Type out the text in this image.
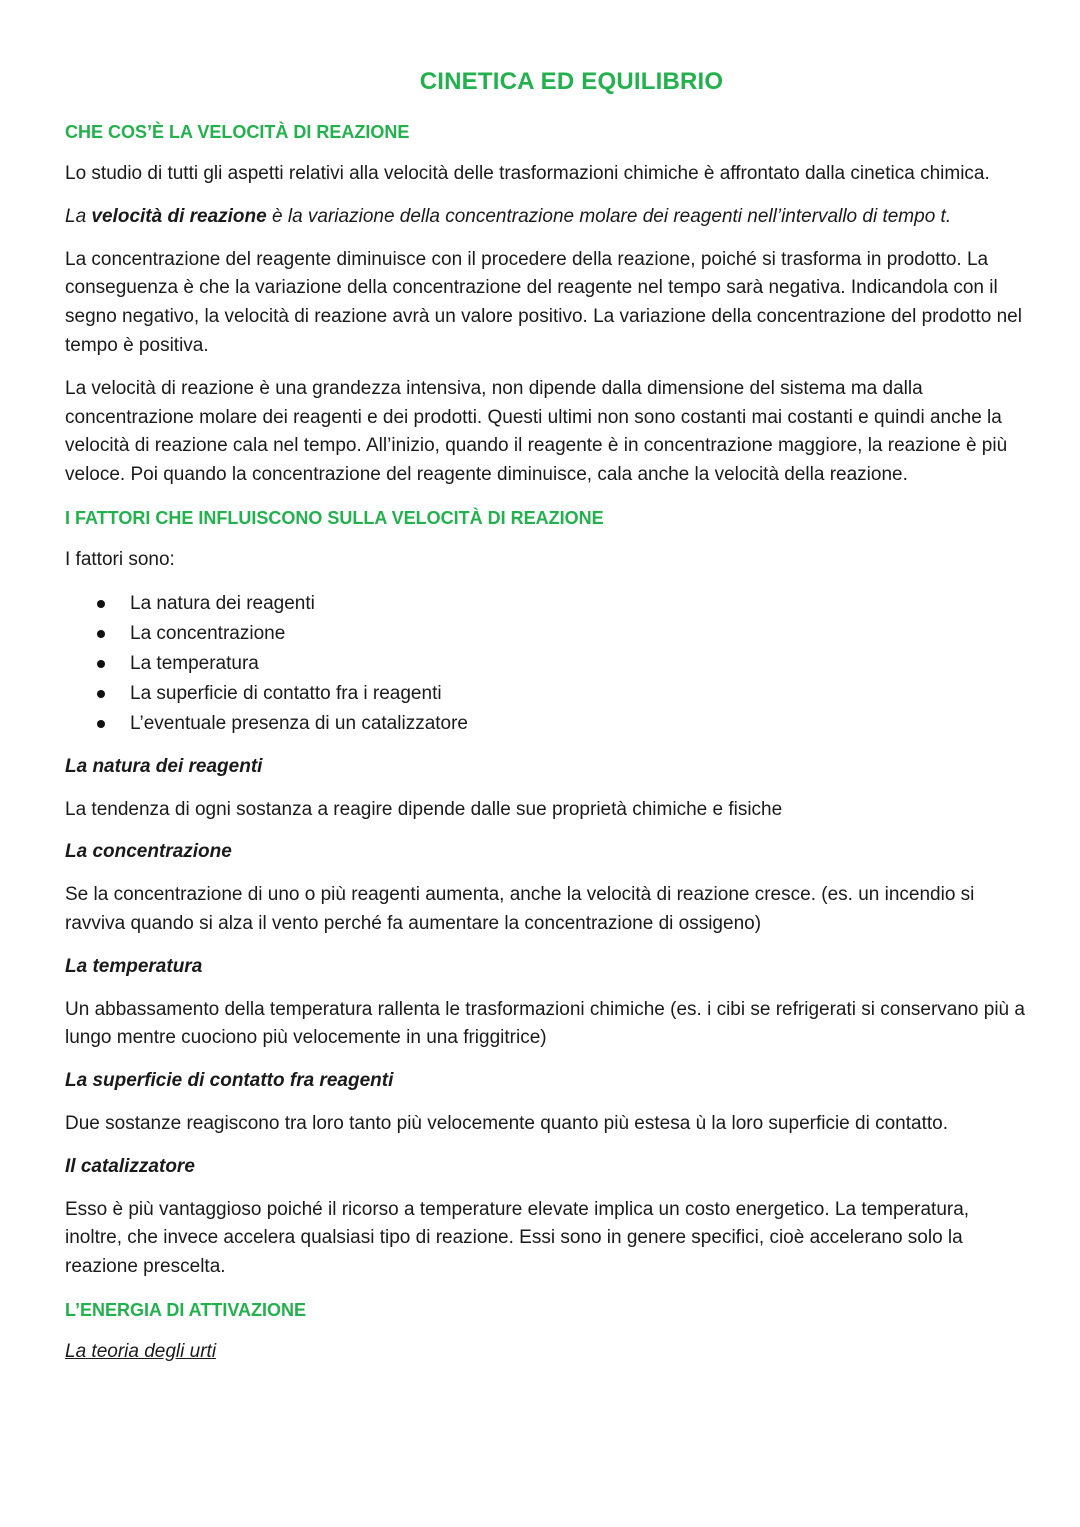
CINETICA ED EQUILIBRIO
CHE COS’È LA VELOCITÀ DI REAZIONE

Lo studio di tutti gli aspetti relativi alla velocità delle trasformazioni chimiche è affrontato dalla cinetica chimica.

La velocità di reazione è la variazione della concentrazione molare dei reagenti nell’intervallo di tempo t.

La concentrazione del reagente diminuisce con il procedere della reazione, poiché si trasforma in prodotto. La conseguenza è che la variazione della concentrazione del reagente nel tempo sarà negativa. Indicandola con il segno negativo, la velocità di reazione avrà un valore positivo. La variazione della concentrazione del prodotto nel tempo è positiva.

La velocità di reazione è una grandezza intensiva, non dipende dalla dimensione del sistema ma dalla concentrazione molare dei reagenti e dei prodotti. Questi ultimi non sono costanti mai costanti e quindi anche la velocità di reazione cala nel tempo. All’inizio, quando il reagente è in concentrazione maggiore, la reazione è più veloce. Poi quando la concentrazione del reagente diminuisce, cala anche la velocità della reazione.

I FATTORI CHE INFLUISCONO SULLA VELOCITÀ DI REAZIONE

I fattori sono:

La natura dei reagenti
La concentrazione
La temperatura
La superficie di contatto fra i reagenti
L’eventuale presenza di un catalizzatore
La natura dei reagenti

La tendenza di ogni sostanza a reagire dipende dalle sue proprietà chimiche e fisiche

La concentrazione

Se la concentrazione di uno o più reagenti aumenta, anche la velocità di reazione cresce. (es. un incendio si ravviva quando si alza il vento perché fa aumentare la concentrazione di ossigeno)

La temperatura

Un abbassamento della temperatura rallenta le trasformazioni chimiche (es. i cibi se refrigerati si conservano più a lungo mentre cuociono più velocemente in una friggitrice)

La superficie di contatto fra reagenti

Due sostanze reagiscono tra loro tanto più velocemente quanto più estesa ù la loro superficie di contatto.

Il catalizzatore

Esso è più vantaggioso poiché il ricorso a temperature elevate implica un costo energetico. La temperatura, inoltre, che invece accelera qualsiasi tipo di reazione. Essi sono in genere specifici, cioè accelerano solo la reazione prescelta.

L’ENERGIA DI ATTIVAZIONE
La teoria degli urti
